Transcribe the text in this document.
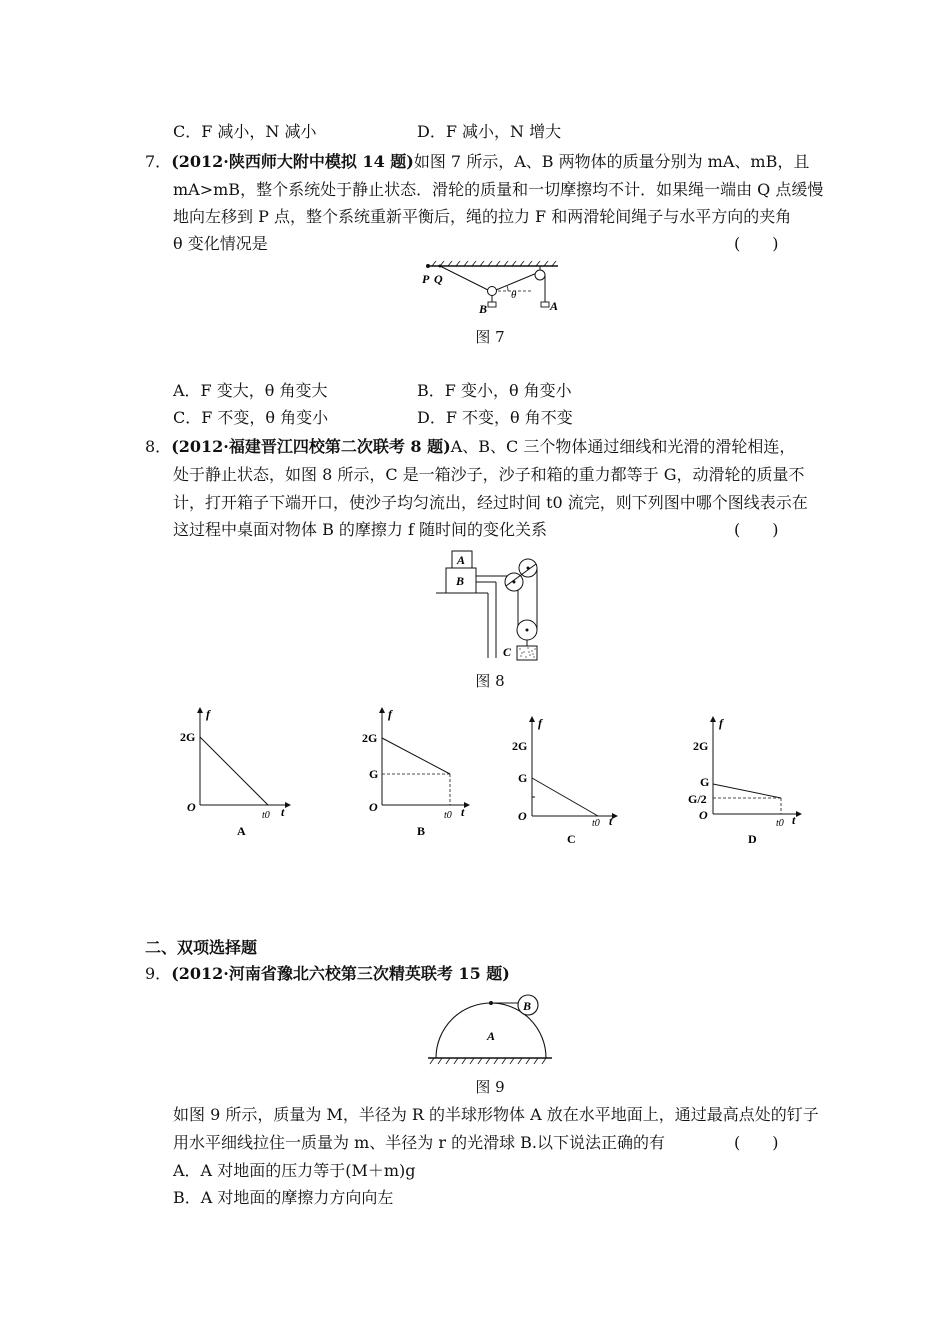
C．F 减小，N 减小	D．F 减小，N 增大
7．(2012·陕西师大附中模拟 14 题)如图 7 所示，A、B 两物体的质量分别为 mA、mB，且
mA>mB，整个系统处于静止状态．滑轮的质量和一切摩擦均不计．如果绳一端由 Q 点缓慢
地向左移到 P 点，整个系统重新平衡后，绳的拉力 F 和两滑轮间绳子与水平方向的夹角
θ 变化情况是	(　　)
P Q
B	A
θ
图 7
A．F 变大，θ 角变大	B．F 变小，θ 角变小
C．F 不变，θ 角变小	D．F 不变，θ 角不变
8．(2012·福建晋江四校第二次联考 8 题)A、B、C 三个物体通过细线和光滑的滑轮相连，
处于静止状态，如图 8 所示，C 是一箱沙子，沙子和箱的重力都等于 G，动滑轮的质量不
计，打开箱子下端开口，使沙子均匀流出，经过时间 t0 流完，则下列图中哪个图线表示在
这过程中桌面对物体 B 的摩擦力 f 随时间的变化关系	(　　)
A
B
C
图 8
f
t
O
t0
2G
A
f
t
O
t0
2G
G
B
f
t
O
t0
2G
G
C
f
t
O
t0
2G
G
G/2
D
二、双项选择题
9．(2012·河南省豫北六校第三次精英联考 15 题)
B
A
图 9
如图 9 所示，质量为 M，半径为 R 的半球形物体 A 放在水平地面上，通过最高点处的钉子
用水平细线拉住一质量为 m、半径为 r 的光滑球 B.以下说法正确的有	(　　)
A．A 对地面的压力等于(M＋m)g
B．A 对地面的摩擦力方向向左
